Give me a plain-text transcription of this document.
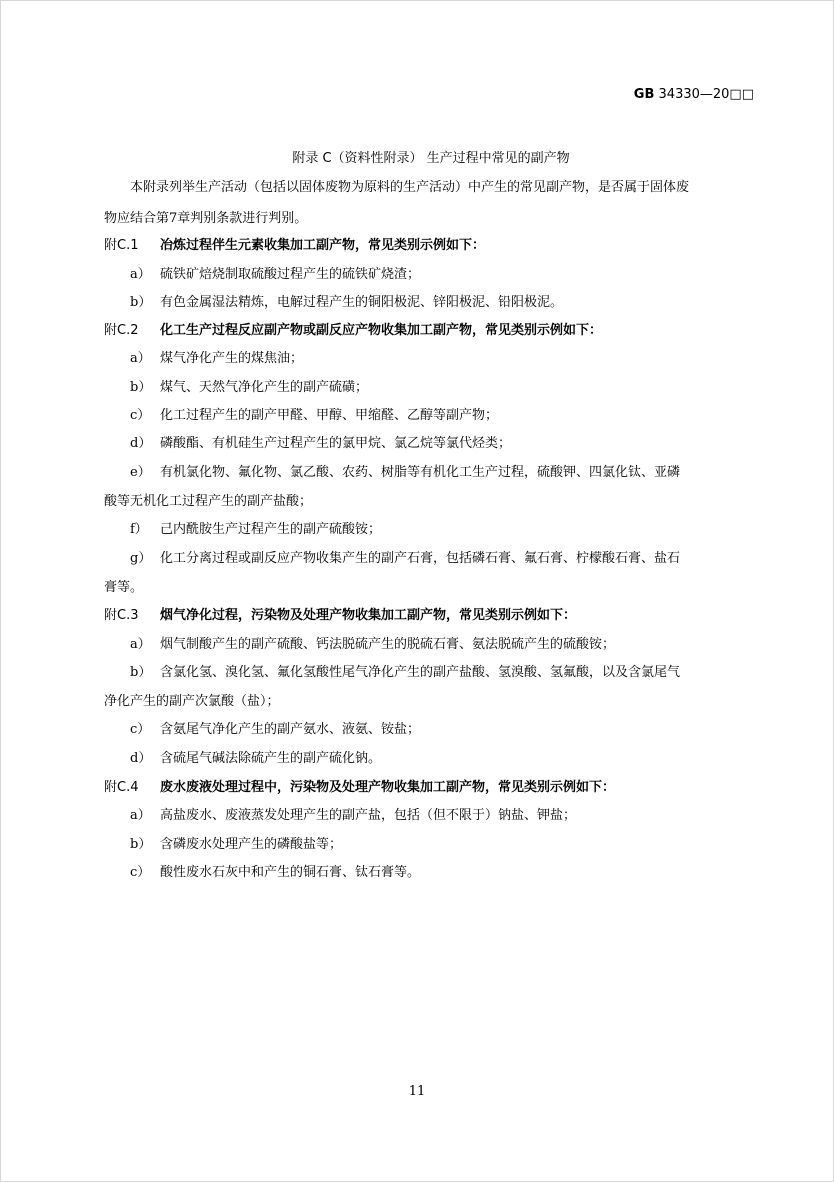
GB 34330—20□□
附录 C（资料性附录） 生产过程中常见的副产物
本附录列举生产活动（包括以固体废物为原料的生产活动）中产生的常见副产物，是否属于固体废
物应结合第7章判别条款进行判别。
附C.1 冶炼过程伴生元素收集加工副产物，常见类别示例如下：
a） 硫铁矿焙烧制取硫酸过程产生的硫铁矿烧渣；
b） 有色金属湿法精炼，电解过程产生的铜阳极泥、锌阳极泥、铅阳极泥。
附C.2 化工生产过程反应副产物或副反应产物收集加工副产物，常见类别示例如下：
a） 煤气净化产生的煤焦油；
b） 煤气、天然气净化产生的副产硫磺；
c） 化工过程产生的副产甲醛、甲醇、甲缩醛、乙醇等副产物；
d） 磷酸酯、有机硅生产过程产生的氯甲烷、氯乙烷等氯代烃类；
e） 有机氯化物、氟化物、氯乙酸、农药、树脂等有机化工生产过程，硫酸钾、四氯化钛、亚磷
酸等无机化工过程产生的副产盐酸；
f） 己内酰胺生产过程产生的副产硫酸铵；
g） 化工分离过程或副反应产物收集产生的副产石膏，包括磷石膏、氟石膏、柠檬酸石膏、盐石
膏等。
附C.3 烟气净化过程，污染物及处理产物收集加工副产物，常见类别示例如下：
a） 烟气制酸产生的副产硫酸、钙法脱硫产生的脱硫石膏、氨法脱硫产生的硫酸铵；
b） 含氯化氢、溴化氢、氟化氢酸性尾气净化产生的副产盐酸、氢溴酸、氢氟酸，以及含氯尾气
净化产生的副产次氯酸（盐）；
c） 含氨尾气净化产生的副产氨水、液氨、铵盐；
d） 含硫尾气碱法除硫产生的副产硫化钠。
附C.4 废水废液处理过程中，污染物及处理产物收集加工副产物，常见类别示例如下：
a） 高盐废水、废液蒸发处理产生的副产盐，包括（但不限于）钠盐、钾盐；
b） 含磷废水处理产生的磷酸盐等；
c） 酸性废水石灰中和产生的铜石膏、钛石膏等。
11
